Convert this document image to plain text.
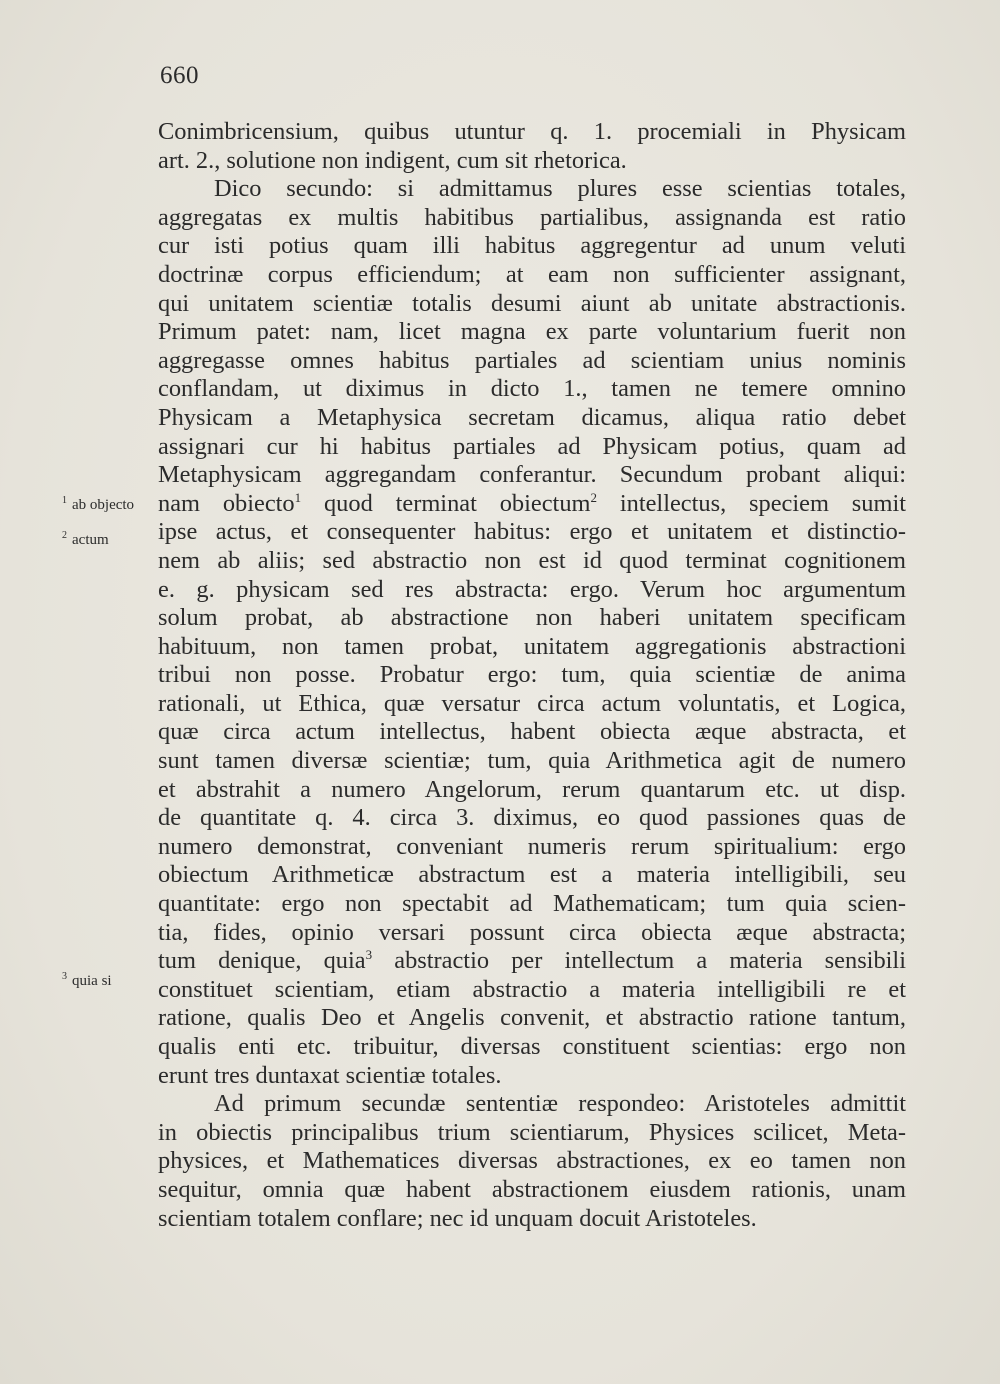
660
$^1$ ab objecto
$^2$ actum
$^3$ quia si
Conimbricensium, quibus utuntur q. 1. procemiali in Physicam
art. 2., solutione non indigent, cum sit rhetorica.
Dico secundo: si admittamus plures esse scientias totales,
aggregatas ex multis habitibus partialibus, assignanda est ratio
cur isti potius quam illi habitus aggregentur ad unum veluti
doctrinæ corpus efficiendum; at eam non sufficienter assignant,
qui unitatem scientiæ totalis desumi aiunt ab unitate abstractionis.
Primum patet: nam, licet magna ex parte voluntarium fuerit non
aggregasse omnes habitus partiales ad scientiam unius nominis
conflandam, ut diximus in dicto 1., tamen ne temere omnino
Physicam a Metaphysica secretam dicamus, aliqua ratio debet
assignari cur hi habitus partiales ad Physicam potius, quam ad
Metaphysicam aggregandam conferantur. Secundum probant aliqui:
nam obiecto$^1$ quod terminat obiectum$^2$ intellectus, speciem sumit
ipse actus, et consequenter habitus: ergo et unitatem et distinctio-
nem ab aliis; sed abstractio non est id quod terminat cognitionem
e. g. physicam sed res abstracta: ergo. Verum hoc argumentum
solum probat, ab abstractione non haberi unitatem specificam
habituum, non tamen probat, unitatem aggregationis abstractioni
tribui non posse. Probatur ergo: tum, quia scientiæ de anima
rationali, ut Ethica, quæ versatur circa actum voluntatis, et Logica,
quæ circa actum intellectus, habent obiecta æque abstracta, et
sunt tamen diversæ scientiæ; tum, quia Arithmetica agit de numero
et abstrahit a numero Angelorum, rerum quantarum etc. ut disp.
de quantitate q. 4. circa 3. diximus, eo quod passiones quas de
numero demonstrat, conveniant numeris rerum spiritualium: ergo
obiectum Arithmeticæ abstractum est a materia intelligibili, seu
quantitate: ergo non spectabit ad Mathematicam; tum quia scien-
tia, fides, opinio versari possunt circa obiecta æque abstracta;
tum denique, quia$^3$ abstractio per intellectum a materia sensibili
constituet scientiam, etiam abstractio a materia intelligibili re et
ratione, qualis Deo et Angelis convenit, et abstractio ratione tantum,
qualis enti etc. tribuitur, diversas constituent scientias: ergo non
erunt tres duntaxat scientiæ totales.
Ad primum secundæ sententiæ respondeo: Aristoteles admittit
in obiectis principalibus trium scientiarum, Physices scilicet, Meta-
physices, et Mathematices diversas abstractiones, ex eo tamen non
sequitur, omnia quæ habent abstractionem eiusdem rationis, unam
scientiam totalem conflare; nec id unquam docuit Aristoteles.
